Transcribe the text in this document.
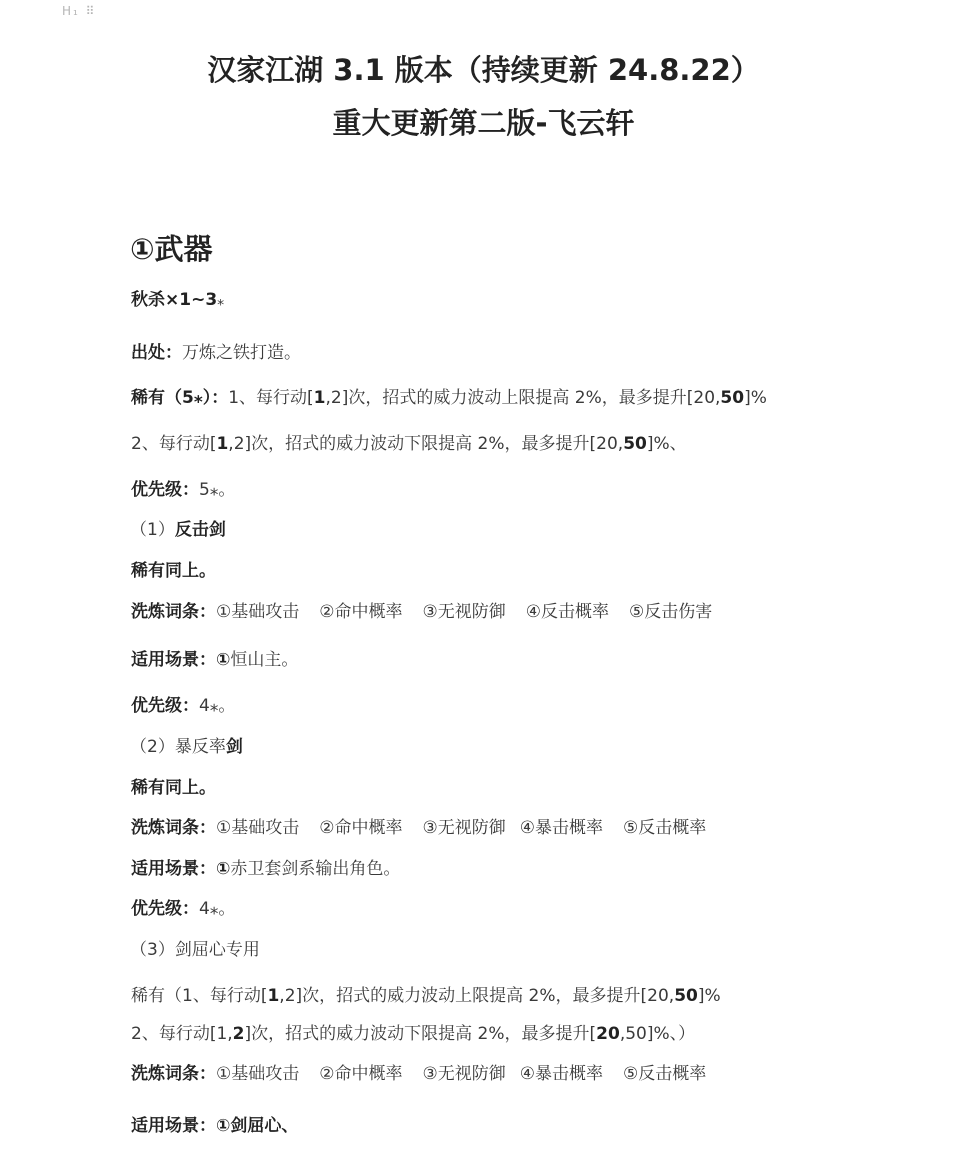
H₁ ⠿
汉家江湖 3.1 版本（持续更新 24.8.22）
重大更新第二版-飞云轩
①武器
秋杀×1~3⁎
出处：万炼之铁打造。
稀有（5⁎）：1、每行动[1,2]次，招式的威力波动上限提高 2%，最多提升[20,50]%
2、每行动[1,2]次，招式的威力波动下限提高 2%，最多提升[20,50]%、
优先级：5⁎。
（1）反击剑
稀有同上。
洗炼词条：①基础攻击 ②命中概率 ③无视防御 ④反击概率 ⑤反击伤害
适用场景：①恒山主。
优先级：4⁎。
（2）暴反率剑
稀有同上。
洗炼词条：①基础攻击 ②命中概率 ③无视防御 ④暴击概率 ⑤反击概率
适用场景：①赤卫套剑系输出角色。
优先级：4⁎。
（3）剑屈心专用
稀有（1、每行动[1,2]次，招式的威力波动上限提高 2%，最多提升[20,50]%
2、每行动[1,2]次，招式的威力波动下限提高 2%，最多提升[20,50]%、）
洗炼词条：①基础攻击 ②命中概率 ③无视防御 ④暴击概率 ⑤反击概率
适用场景：①剑屈心、
